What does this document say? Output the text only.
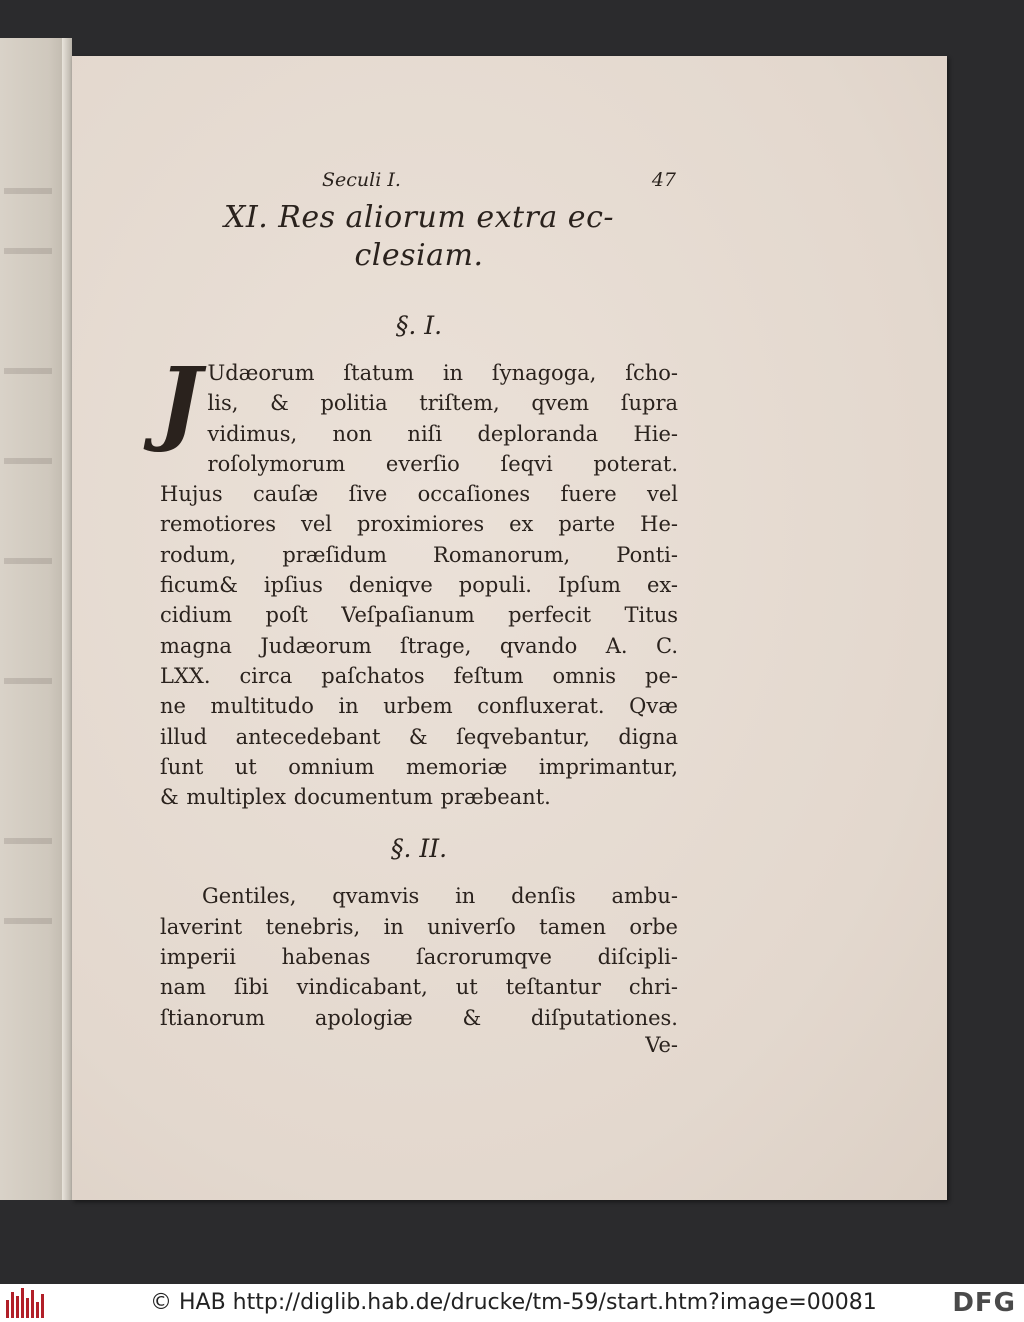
Seculi I.	47
XI. Res aliorum extra ec-
clesiam.
§. I.
J Udæorum ſtatum in ſynagoga, ſcho-
lis, & politia triſtem, qvem ſupra
vidimus, non niſi deploranda Hie-
roſolymorum everſio ſeqvi poterat.
Hujus cauſæ ſive occaſiones fuere vel
remotiores vel proximiores ex parte He-
rodum, præſidum Romanorum, Ponti-
ficum& ipſius deniqve populi. Ipſum ex-
cidium poſt Veſpaſianum perfecit Titus
magna Judæorum ſtrage, qvando A. C.
LXX. circa paſchatos feſtum omnis pe-
ne multitudo in urbem confluxerat. Qvæ
illud antecedebant & ſeqvebantur, digna
ſunt ut omnium memoriæ imprimantur,
& multiplex documentum præbeant.
§. II.
Gentiles, qvamvis in denſis ambu-
laverint tenebris, in univerſo tamen orbe
imperii habenas ſacrorumqve diſcipli-
nam ſibi vindicabant, ut teſtantur chri-
ſtianorum apologiæ & diſputationes.
Ve-
© HAB http://diglib.hab.de/drucke/tm-59/start.htm?image=00081	DFG
